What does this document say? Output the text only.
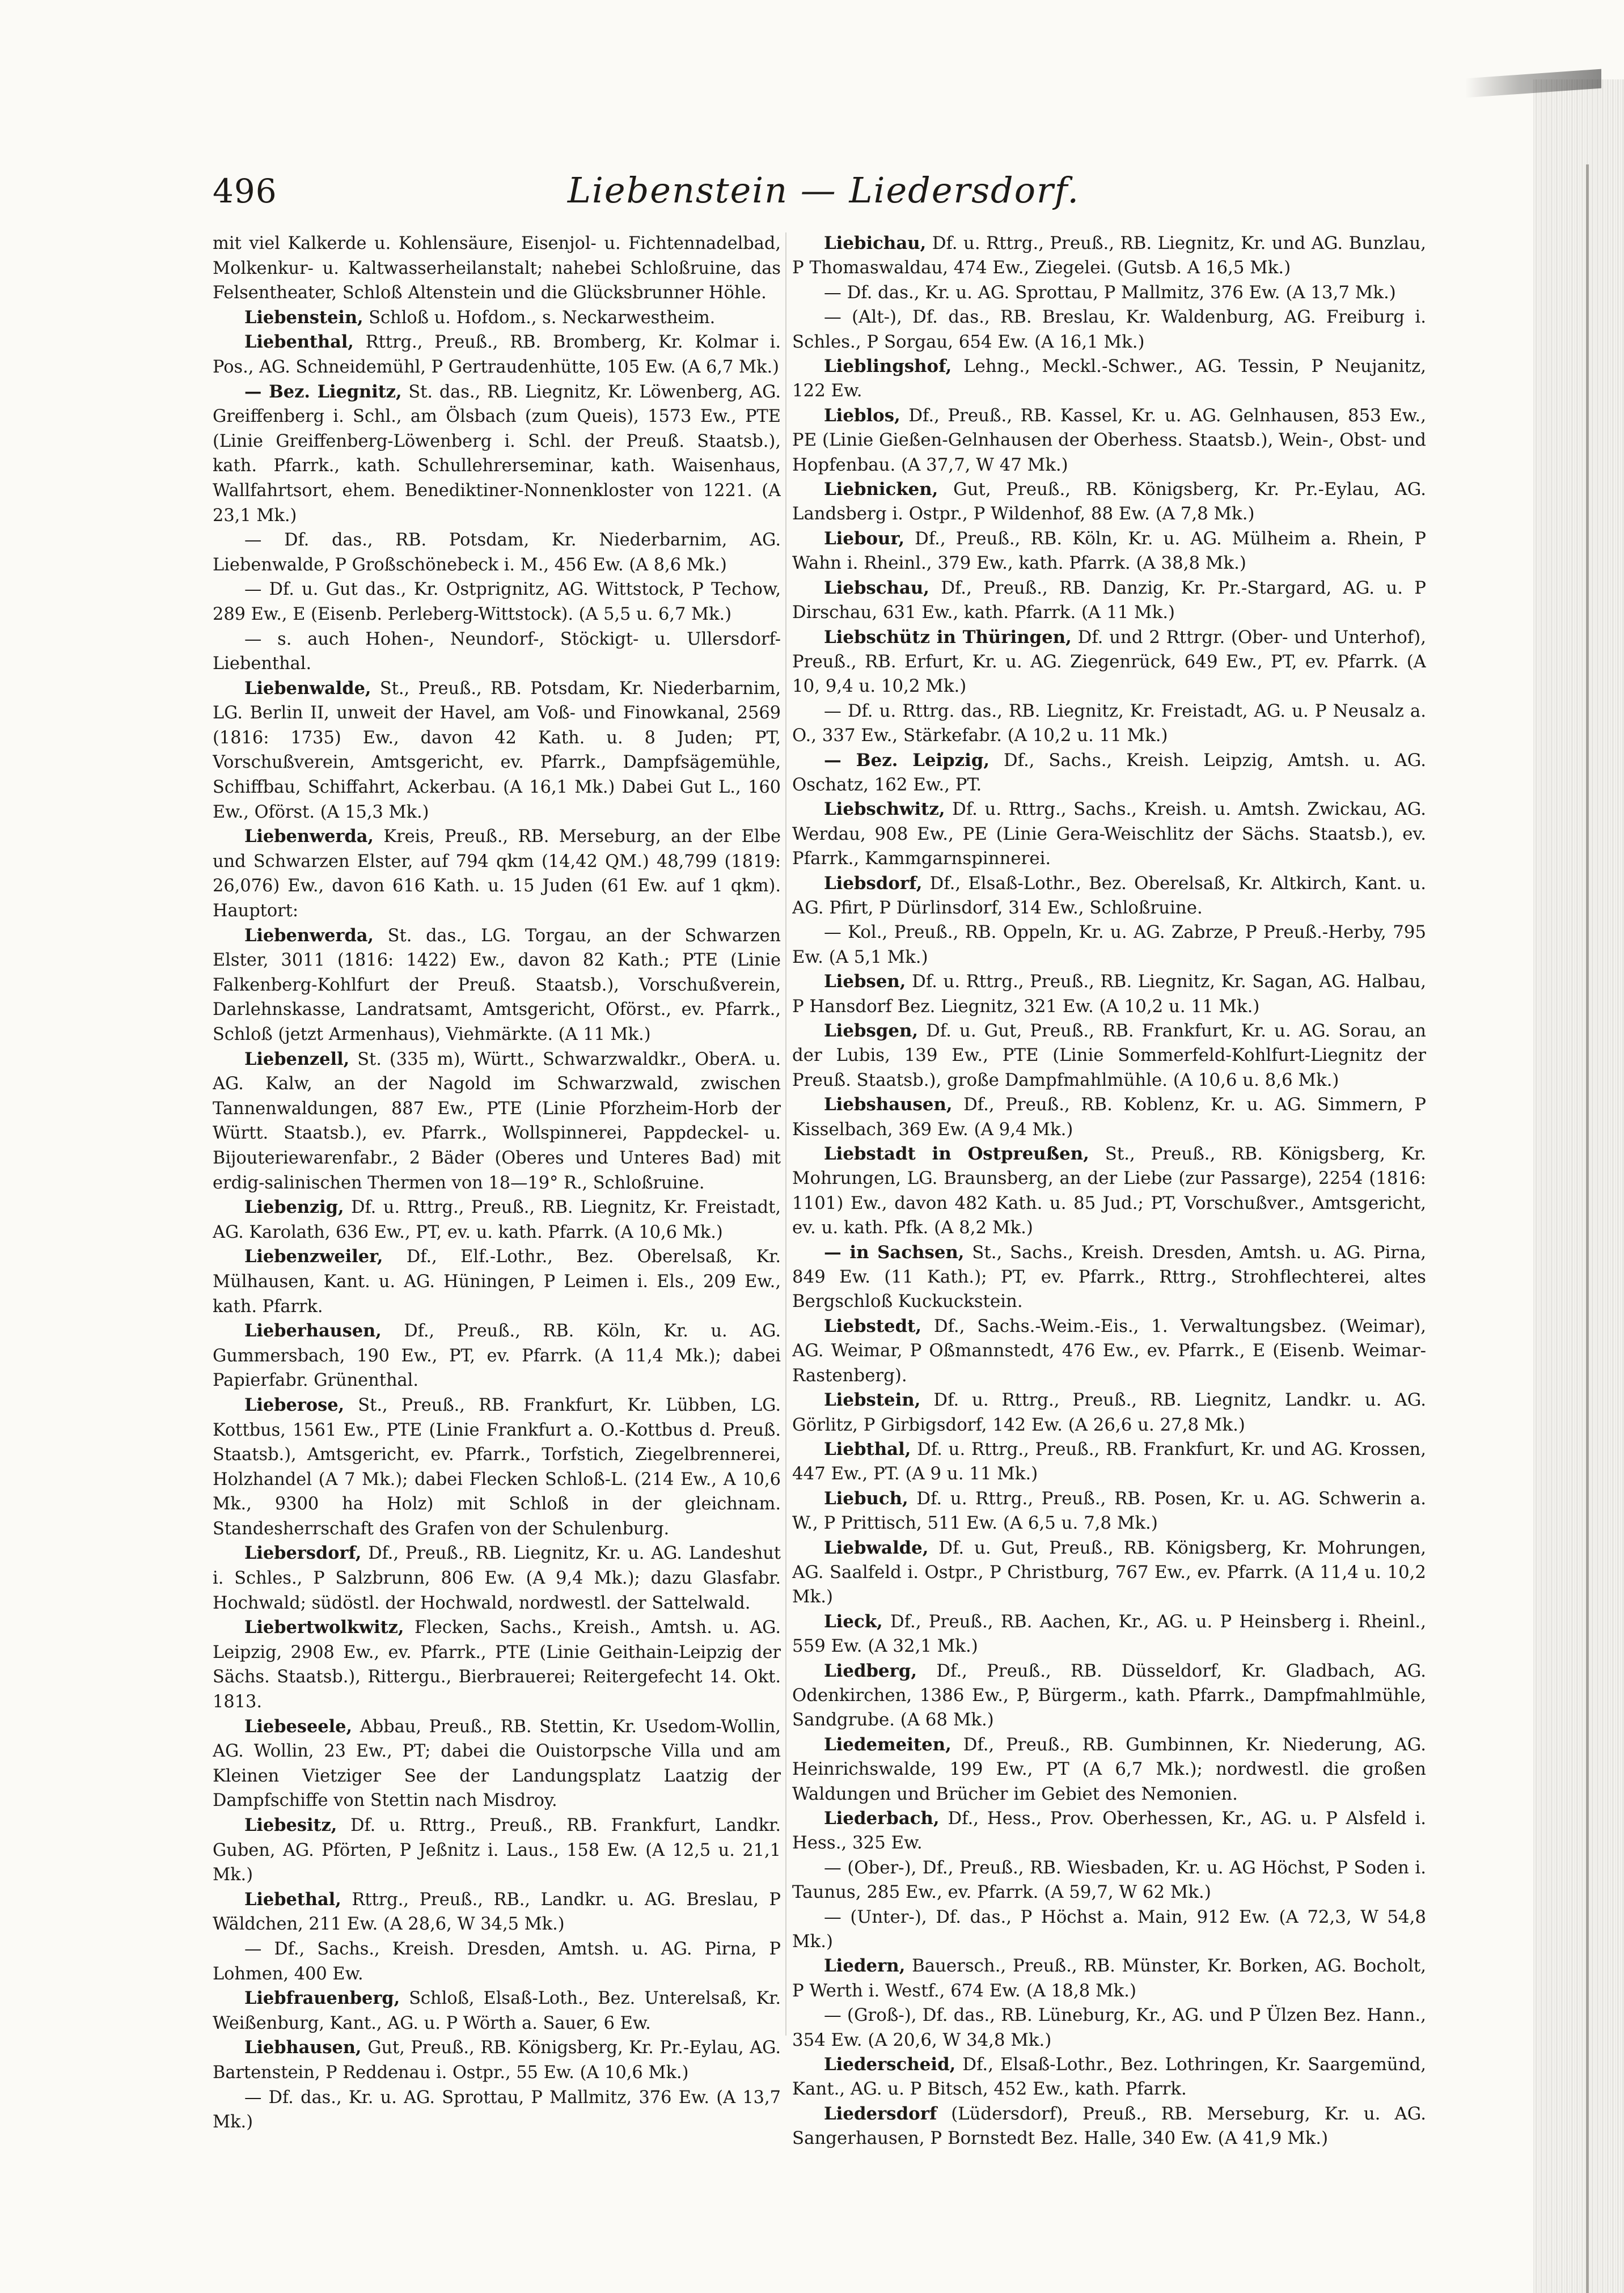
496	Liebenstein — Liedersdorf.

mit viel Kalkerde u. Kohlensäure, Eisenjol- u. Fichtennadelbad, Molkenkur- u. Kaltwasserheilanstalt; nahebei Schloßruine, das Felsentheater, Schloß Altenstein und die Glücksbrunner Höhle.

Liebenstein, Schloß u. Hofdom., s. Neckarwestheim.

Liebenthal, Rttrg., Preuß., RB. Bromberg, Kr. Kolmar i. Pos., AG. Schneidemühl, P Gertraudenhütte, 105 Ew. (A 6,7 Mk.)

— Bez. Liegnitz, St. das., RB. Liegnitz, Kr. Löwenberg, AG. Greiffenberg i. Schl., am Ölsbach (zum Queis), 1573 Ew., PTE (Linie Greiffenberg-Löwenberg i. Schl. der Preuß. Staatsb.), kath. Pfarrk., kath. Schullehrerseminar, kath. Waisenhaus, Wallfahrtsort, ehem. Benediktiner-Nonnenkloster von 1221. (A 23,1 Mk.)

— Df. das., RB. Potsdam, Kr. Niederbarnim, AG. Liebenwalde, P Großschönebeck i. M., 456 Ew. (A 8,6 Mk.)

— Df. u. Gut das., Kr. Ostprignitz, AG. Wittstock, P Techow, 289 Ew., E (Eisenb. Perleberg-Wittstock). (A 5,5 u. 6,7 Mk.)

— s. auch Hohen-, Neundorf-, Stöckigt- u. Ullersdorf-Liebenthal.

Liebenwalde, St., Preuß., RB. Potsdam, Kr. Niederbarnim, LG. Berlin II, unweit der Havel, am Voß- und Finowkanal, 2569 (1816: 1735) Ew., davon 42 Kath. u. 8 Juden; PT, Vorschußverein, Amtsgericht, ev. Pfarrk., Dampfsägemühle, Schiffbau, Schiffahrt, Ackerbau. (A 16,1 Mk.) Dabei Gut L., 160 Ew., Oförst. (A 15,3 Mk.)

Liebenwerda, Kreis, Preuß., RB. Merseburg, an der Elbe und Schwarzen Elster, auf 794 qkm (14,42 QM.) 48,799 (1819: 26,076) Ew., davon 616 Kath. u. 15 Juden (61 Ew. auf 1 qkm). Hauptort:

Liebenwerda, St. das., LG. Torgau, an der Schwarzen Elster, 3011 (1816: 1422) Ew., davon 82 Kath.; PTE (Linie Falkenberg-Kohlfurt der Preuß. Staatsb.), Vorschußverein, Darlehnskasse, Landratsamt, Amtsgericht, Oförst., ev. Pfarrk., Schloß (jetzt Armenhaus), Viehmärkte. (A 11 Mk.)

Liebenzell, St. (335 m), Württ., Schwarzwaldkr., OberA. u. AG. Kalw, an der Nagold im Schwarzwald, zwischen Tannenwaldungen, 887 Ew., PTE (Linie Pforzheim-Horb der Württ. Staatsb.), ev. Pfarrk., Wollspinnerei, Pappdeckel- u. Bijouteriewarenfabr., 2 Bäder (Oberes und Unteres Bad) mit erdig-salinischen Thermen von 18—19° R., Schloßruine.

Liebenzig, Df. u. Rttrg., Preuß., RB. Liegnitz, Kr. Freistadt, AG. Karolath, 636 Ew., PT, ev. u. kath. Pfarrk. (A 10,6 Mk.)

Liebenzweiler, Df., Elf.-Lothr., Bez. Oberelsaß, Kr. Mülhausen, Kant. u. AG. Hüningen, P Leimen i. Els., 209 Ew., kath. Pfarrk.

Lieberhausen, Df., Preuß., RB. Köln, Kr. u. AG. Gummersbach, 190 Ew., PT, ev. Pfarrk. (A 11,4 Mk.); dabei Papierfabr. Grünenthal.

Lieberose, St., Preuß., RB. Frankfurt, Kr. Lübben, LG. Kottbus, 1561 Ew., PTE (Linie Frankfurt a. O.-Kottbus d. Preuß. Staatsb.), Amtsgericht, ev. Pfarrk., Torfstich, Ziegelbrennerei, Holzhandel (A 7 Mk.); dabei Flecken Schloß-L. (214 Ew., A 10,6 Mk., 9300 ha Holz) mit Schloß in der gleichnam. Standesherrschaft des Grafen von der Schulenburg.

Liebersdorf, Df., Preuß., RB. Liegnitz, Kr. u. AG. Landeshut i. Schles., P Salzbrunn, 806 Ew. (A 9,4 Mk.); dazu Glasfabr. Hochwald; südöstl. der Hochwald, nordwestl. der Sattelwald.

Liebertwolkwitz, Flecken, Sachs., Kreish., Amtsh. u. AG. Leipzig, 2908 Ew., ev. Pfarrk., PTE (Linie Geithain-Leipzig der Sächs. Staatsb.), Rittergu., Bierbrauerei; Reitergefecht 14. Okt. 1813.

Liebeseele, Abbau, Preuß., RB. Stettin, Kr. Usedom-Wollin, AG. Wollin, 23 Ew., PT; dabei die Ouistorpsche Villa und am Kleinen Vietziger See der Landungsplatz Laatzig der Dampfschiffe von Stettin nach Misdroy.

Liebesitz, Df. u. Rttrg., Preuß., RB. Frankfurt, Landkr. Guben, AG. Pförten, P Jeßnitz i. Laus., 158 Ew. (A 12,5 u. 21,1 Mk.)

Liebethal, Rttrg., Preuß., RB., Landkr. u. AG. Breslau, P Wäldchen, 211 Ew. (A 28,6, W 34,5 Mk.)

— Df., Sachs., Kreish. Dresden, Amtsh. u. AG. Pirna, P Lohmen, 400 Ew.

Liebfrauenberg, Schloß, Elsaß-Loth., Bez. Unterelsaß, Kr. Weißenburg, Kant., AG. u. P Wörth a. Sauer, 6 Ew.

Liebhausen, Gut, Preuß., RB. Königsberg, Kr. Pr.-Eylau, AG. Bartenstein, P Reddenau i. Ostpr., 55 Ew. (A 10,6 Mk.)

— Df. das., Kr. u. AG. Sprottau, P Mallmitz, 376 Ew. (A 13,7 Mk.)

Liebichau, Df. u. Rttrg., Preuß., RB. Liegnitz, Kr. und AG. Bunzlau, P Thomaswaldau, 474 Ew., Ziegelei. (Gutsb. A 16,5 Mk.)

— Df. das., Kr. u. AG. Sprottau, P Mallmitz, 376 Ew. (A 13,7 Mk.)

— (Alt-), Df. das., RB. Breslau, Kr. Waldenburg, AG. Freiburg i. Schles., P Sorgau, 654 Ew. (A 16,1 Mk.)

Lieblingshof, Lehng., Meckl.-Schwer., AG. Tessin, P Neujanitz, 122 Ew.

Lieblos, Df., Preuß., RB. Kassel, Kr. u. AG. Gelnhausen, 853 Ew., PE (Linie Gießen-Gelnhausen der Oberhess. Staatsb.), Wein-, Obst- und Hopfenbau. (A 37,7, W 47 Mk.)

Liebnicken, Gut, Preuß., RB. Königsberg, Kr. Pr.-Eylau, AG. Landsberg i. Ostpr., P Wildenhof, 88 Ew. (A 7,8 Mk.)

Liebour, Df., Preuß., RB. Köln, Kr. u. AG. Mülheim a. Rhein, P Wahn i. Rheinl., 379 Ew., kath. Pfarrk. (A 38,8 Mk.)

Liebschau, Df., Preuß., RB. Danzig, Kr. Pr.-Stargard, AG. u. P Dirschau, 631 Ew., kath. Pfarrk. (A 11 Mk.)

Liebschütz in Thüringen, Df. und 2 Rttrgr. (Ober- und Unterhof), Preuß., RB. Erfurt, Kr. u. AG. Ziegenrück, 649 Ew., PT, ev. Pfarrk. (A 10, 9,4 u. 10,2 Mk.)

— Df. u. Rttrg. das., RB. Liegnitz, Kr. Freistadt, AG. u. P Neusalz a. O., 337 Ew., Stärkefabr. (A 10,2 u. 11 Mk.)

— Bez. Leipzig, Df., Sachs., Kreish. Leipzig, Amtsh. u. AG. Oschatz, 162 Ew., PT.

Liebschwitz, Df. u. Rttrg., Sachs., Kreish. u. Amtsh. Zwickau, AG. Werdau, 908 Ew., PE (Linie Gera-Weischlitz der Sächs. Staatsb.), ev. Pfarrk., Kammgarnspinnerei.

Liebsdorf, Df., Elsaß-Lothr., Bez. Oberelsaß, Kr. Altkirch, Kant. u. AG. Pfirt, P Dürlinsdorf, 314 Ew., Schloßruine.

— Kol., Preuß., RB. Oppeln, Kr. u. AG. Zabrze, P Preuß.-Herby, 795 Ew. (A 5,1 Mk.)

Liebsen, Df. u. Rttrg., Preuß., RB. Liegnitz, Kr. Sagan, AG. Halbau, P Hansdorf Bez. Liegnitz, 321 Ew. (A 10,2 u. 11 Mk.)

Liebsgen, Df. u. Gut, Preuß., RB. Frankfurt, Kr. u. AG. Sorau, an der Lubis, 139 Ew., PTE (Linie Sommerfeld-Kohlfurt-Liegnitz der Preuß. Staatsb.), große Dampfmahlmühle. (A 10,6 u. 8,6 Mk.)

Liebshausen, Df., Preuß., RB. Koblenz, Kr. u. AG. Simmern, P Kisselbach, 369 Ew. (A 9,4 Mk.)

Liebstadt in Ostpreußen, St., Preuß., RB. Königsberg, Kr. Mohrungen, LG. Braunsberg, an der Liebe (zur Passarge), 2254 (1816: 1101) Ew., davon 482 Kath. u. 85 Jud.; PT, Vorschußver., Amtsgericht, ev. u. kath. Pfk. (A 8,2 Mk.)

— in Sachsen, St., Sachs., Kreish. Dresden, Amtsh. u. AG. Pirna, 849 Ew. (11 Kath.); PT, ev. Pfarrk., Rttrg., Strohflechterei, altes Bergschloß Kuckuckstein.

Liebstedt, Df., Sachs.-Weim.-Eis., 1. Verwaltungsbez. (Weimar), AG. Weimar, P Oßmannstedt, 476 Ew., ev. Pfarrk., E (Eisenb. Weimar-Rastenberg).

Liebstein, Df. u. Rttrg., Preuß., RB. Liegnitz, Landkr. u. AG. Görlitz, P Girbigsdorf, 142 Ew. (A 26,6 u. 27,8 Mk.)

Liebthal, Df. u. Rttrg., Preuß., RB. Frankfurt, Kr. und AG. Krossen, 447 Ew., PT. (A 9 u. 11 Mk.)

Liebuch, Df. u. Rttrg., Preuß., RB. Posen, Kr. u. AG. Schwerin a. W., P Prittisch, 511 Ew. (A 6,5 u. 7,8 Mk.)

Liebwalde, Df. u. Gut, Preuß., RB. Königsberg, Kr. Mohrungen, AG. Saalfeld i. Ostpr., P Christburg, 767 Ew., ev. Pfarrk. (A 11,4 u. 10,2 Mk.)

Lieck, Df., Preuß., RB. Aachen, Kr., AG. u. P Heinsberg i. Rheinl., 559 Ew. (A 32,1 Mk.)

Liedberg, Df., Preuß., RB. Düsseldorf, Kr. Gladbach, AG. Odenkirchen, 1386 Ew., P, Bürgerm., kath. Pfarrk., Dampfmahlmühle, Sandgrube. (A 68 Mk.)

Liedemeiten, Df., Preuß., RB. Gumbinnen, Kr. Niederung, AG. Heinrichswalde, 199 Ew., PT (A 6,7 Mk.); nordwestl. die großen Waldungen und Brücher im Gebiet des Nemonien.

Liederbach, Df., Hess., Prov. Oberhessen, Kr., AG. u. P Alsfeld i. Hess., 325 Ew.

— (Ober-), Df., Preuß., RB. Wiesbaden, Kr. u. AG Höchst, P Soden i. Taunus, 285 Ew., ev. Pfarrk. (A 59,7, W 62 Mk.)

— (Unter-), Df. das., P Höchst a. Main, 912 Ew. (A 72,3, W 54,8 Mk.)

Liedern, Bauersch., Preuß., RB. Münster, Kr. Borken, AG. Bocholt, P Werth i. Westf., 674 Ew. (A 18,8 Mk.)

— (Groß-), Df. das., RB. Lüneburg, Kr., AG. und P Ülzen Bez. Hann., 354 Ew. (A 20,6, W 34,8 Mk.)

Liederscheid, Df., Elsaß-Lothr., Bez. Lothringen, Kr. Saargemünd, Kant., AG. u. P Bitsch, 452 Ew., kath. Pfarrk.

Liedersdorf (Lüdersdorf), Preuß., RB. Merseburg, Kr. u. AG. Sangerhausen, P Bornstedt Bez. Halle, 340 Ew. (A 41,9 Mk.)
